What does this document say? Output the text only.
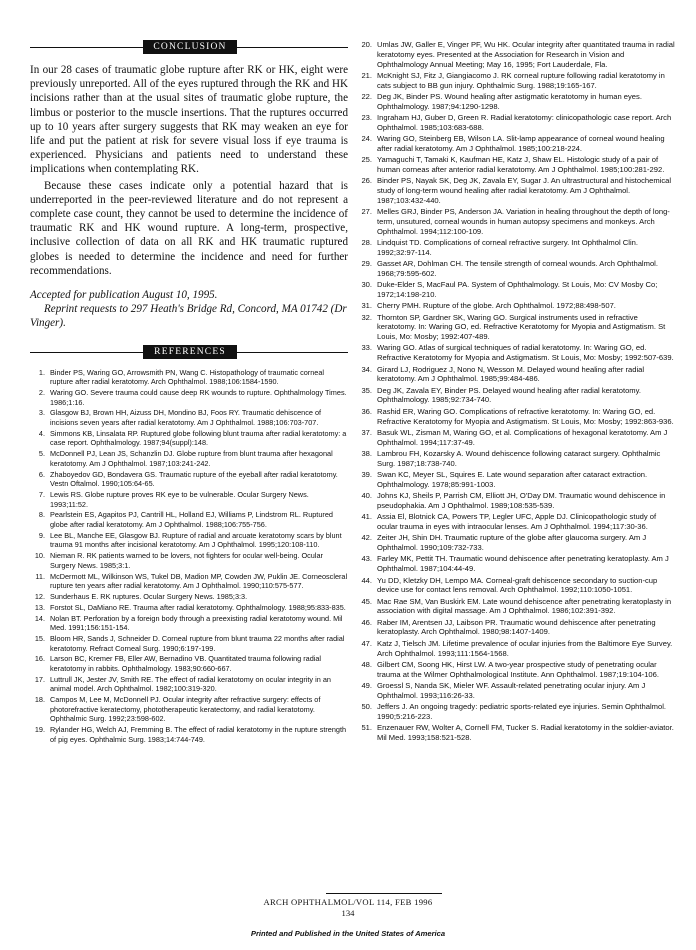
CONCLUSION

In our 28 cases of traumatic globe rupture after RK or HK, eight were previously unreported. All of the eyes ruptured through the RK and HK incisions rather than at the usual sites of traumatic globe rupture, the limbus or posterior to the muscle insertions. That the ruptures occurred up to 10 years after surgery suggests that RK may weaken an eye for life and put the patient at risk for severe visual loss if eye trauma is experienced. Physicians and patients need to understand these implications when contemplating RK.

Because these cases indicate only a potential hazard that is underreported in the peer-reviewed literature and do not represent a complete case count, they cannot be used to determine the incidence of traumatic RK and HK wound rupture. A long-term, prospective, inclusive collection of data on all RK and HK traumatic ruptured globes is needed to determine the incidence and need for further recommendations.

Accepted for publication August 10, 1995.

Reprint requests to 297 Heath's Bridge Rd, Concord, MA 01742 (Dr Vinger).

REFERENCES
1. Binder PS, Waring GO, Arrowsmith PN, Wang C. Histopathology of traumatic corneal rupture after radial keratotomy. Arch Ophthalmol. 1988;106:1584-1590.
2. Waring GO. Severe trauma could cause deep RK wounds to rupture. Ophthalmology Times. 1986;1:16.
3. Glasgow BJ, Brown HH, Aizuss DH, Mondino BJ, Foos RY. Traumatic dehiscence of incisions seven years after radial keratotomy. Am J Ophthalmol. 1988;106:703-707.
4. Simmons KB, Linsalata RP. Ruptured globe following blunt trauma after radial keratotomy: a case report. Ophthalmology. 1987;94(suppl):148.
5. McDonnell PJ, Lean JS, Schanzlin DJ. Globe rupture from blunt trauma after hexagonal keratotomy. Am J Ophthalmol. 1987;103:241-242.
6. Zhaboyedov GD, Bondavera GS. Traumatic rupture of the eyeball after radial keratotomy. Vestn Oftalmol. 1990;105:64-65.
7. Lewis RS. Globe rupture proves RK eye to be vulnerable. Ocular Surgery News. 1993;11:52.
8. Pearlstein ES, Agapitos PJ, Cantrill HL, Holland EJ, Williams P, Lindstrom RL. Ruptured globe after radial keratotomy. Am J Ophthalmol. 1988;106:755-756.
9. Lee BL, Manche EE, Glasgow BJ. Rupture of radial and arcuate keratotomy scars by blunt trauma 91 months after incisional keratotomy. Am J Ophthalmol. 1995;120:108-110.
10. Nieman R. RK patients warned to be lovers, not fighters for ocular well-being. Ocular Surgery News. 1985;3:1.
11. McDermott ML, Wilkinson WS, Tukel DB, Madion MP, Cowden JW, Puklin JE. Corneoscleral rupture ten years after radial keratotomy. Am J Ophthalmol. 1990;110:575-577.
12. Sunderhaus E. RK ruptures. Ocular Surgery News. 1985;3:3.
13. Forstot SL, DaMiano RE. Trauma after radial keratotomy. Ophthalmology. 1988;95:833-835.
14. Nolan BT. Perforation by a foreign body through a preexisting radial keratotomy wound. Mil Med. 1991;156:151-154.
15. Bloom HR, Sands J, Schneider D. Corneal rupture from blunt trauma 22 months after radial keratotomy. Refract Corneal Surg. 1990;6:197-199.
16. Larson BC, Kremer FB, Eller AW, Bernadino VB. Quantitated trauma following radial keratotomy in rabbits. Ophthalmology. 1983;90:660-667.
17. Luttrull JK, Jester JV, Smith RE. The effect of radial keratotomy on ocular integrity in an animal model. Arch Ophthalmol. 1982;100:319-320.
18. Campos M, Lee M, McDonnell PJ. Ocular integrity after refractive surgery: effects of photorefractive keratectomy, phototherapeutic keratectomy, and radial keratotomy. Ophthalmic Surg. 1992;23:598-602.
19. Rylander HG, Welch AJ, Fremming B. The effect of radial keratotomy in the rupture strength of pig eyes. Ophthalmic Surg. 1983;14:744-749.
20. Umlas JW, Galler E, Vinger PF, Wu HK. Ocular integrity after quantitated trauma in radial keratotomy eyes. Presented at the Association for Research in Vision and Ophthalmology Annual Meeting; May 16, 1995; Fort Lauderdale, Fla.
21. McKnight SJ, Fitz J, Giangiacomo J. RK corneal rupture following radial keratotomy in cats subject to BB gun injury. Ophthalmic Surg. 1988;19:165-167.
22. Deg JK, Binder PS. Wound healing after astigmatic keratotomy in human eyes. Ophthalmology. 1987;94:1290-1298.
23. Ingraham HJ, Guber D, Green R. Radial keratotomy: clinicopathologic case report. Arch Ophthalmol. 1985;103:683-688.
24. Waring GO, Steinberg EB, Wilson LA. Slit-lamp appearance of corneal wound healing after radial keratotomy. Am J Ophthalmol. 1985;100:218-224.
25. Yamaguchi T, Tamaki K, Kaufman HE, Katz J, Shaw EL. Histologic study of a pair of human corneas after anterior radial keratotomy. Am J Ophthalmol. 1985;100:281-292.
26. Binder PS, Nayak SK, Deg JK, Zavala EY, Sugar J. An ultrastructural and histochemical study of long-term wound healing after radial keratotomy. Am J Ophthalmol. 1987;103:432-440.
27. Melles GRJ, Binder PS, Anderson JA. Variation in healing throughout the depth of long-term, unsutured, corneal wounds in human autopsy specimens and monkeys. Arch Ophthalmol. 1994;112:100-109.
28. Lindquist TD. Complications of corneal refractive surgery. Int Ophthalmol Clin. 1992;32:97-114.
29. Gasset AR, Dohlman CH. The tensile strength of corneal wounds. Arch Ophthalmol. 1968;79:595-602.
30. Duke-Elder S, MacFaul PA. System of Ophthalmology. St Louis, Mo: CV Mosby Co; 1972;14:198-210.
31. Cherry PMH. Rupture of the globe. Arch Ophthalmol. 1972;88:498-507.
32. Thornton SP, Gardner SK, Waring GO. Surgical instruments used in refractive keratotomy. In: Waring GO, ed. Refractive Keratotomy for Myopia and Astigmatism. St Louis, Mo: Mosby; 1992:407-489.
33. Waring GO. Atlas of surgical techniques of radial keratotomy. In: Waring GO, ed. Refractive Keratotomy for Myopia and Astigmatism. St Louis, Mo: Mosby; 1992:507-639.
34. Girard LJ, Rodriguez J, Nono N, Wesson M. Delayed wound healing after radial keratotomy. Am J Ophthalmol. 1985;99:484-486.
35. Deg JK, Zavala EY, Binder PS. Delayed wound healing after radial keratotomy. Ophthalmology. 1985;92:734-740.
36. Rashid ER, Waring GO. Complications of refractive keratotomy. In: Waring GO, ed. Refractive Keratotomy for Myopia and Astigmatism. St Louis, Mo: Mosby; 1992:863-936.
37. Basuk WL, Zisman M, Waring GO, et al. Complications of hexagonal keratotomy. Am J Ophthalmol. 1994;117:37-49.
38. Lambrou FH, Kozarsky A. Wound dehiscence following cataract surgery. Ophthalmic Surg. 1987;18:738-740.
39. Swan KC, Meyer SL, Squires E. Late wound separation after cataract extraction. Ophthalmology. 1978;85:991-1003.
40. Johns KJ, Sheils P, Parrish CM, Elliott JH, O'Day DM. Traumatic wound dehiscence in pseudophakia. Am J Ophthalmol. 1989;108:535-539.
41. Assia El, Blotnick CA, Powers TP, Legler UFC, Apple DJ. Clinicopathologic study of ocular trauma in eyes with intraocular lenses. Am J Ophthalmol. 1994;117:30-36.
42. Zeiter JH, Shin DH. Traumatic rupture of the globe after glaucoma surgery. Am J Ophthalmol. 1990;109:732-733.
43. Farley MK, Pettit TH. Traumatic wound dehiscence after penetrating keratoplasty. Am J Ophthalmol. 1987;104:44-49.
44. Yu DD, Kletzky DH, Lempo MA. Corneal-graft dehiscence secondary to suction-cup device use for contact lens removal. Arch Ophthalmol. 1992;110:1050-1051.
45. Mac Rae SM, Van Buskirk EM. Late wound dehiscence after penetrating keratoplasty in association with digital massage. Am J Ophthalmol. 1986;102:391-392.
46. Raber IM, Arentsen JJ, Laibson PR. Traumatic wound dehiscence after penetrating keratoplasty. Arch Ophthalmol. 1980;98:1407-1409.
47. Katz J, Tielsch JM. Lifetime prevalence of ocular injuries from the Baltimore Eye Survey. Arch Ophthalmol. 1993;111:1564-1568.
48. Gilbert CM, Soong HK, Hirst LW. A two-year prospective study of penetrating ocular trauma at the Wilmer Ophthalmological Institute. Ann Ophthalmol. 1987;19:104-106.
49. Groessl S, Nanda SK, Mieler WF. Assault-related penetrating ocular injury. Am J Ophthalmol. 1993;116:26-33.
50. Jeffers J. An ongoing tragedy: pediatric sports-related eye injuries. Semin Ophthalmol. 1990;5:216-223.
51. Enzenauer RW, Wolter A, Cornell FM, Tucker S. Radial keratotomy in the soldier-aviator. Mil Med. 1993;158:521-528.
ARCH OPHTHALMOL/VOL 114, FEB 1996
134
Printed and Published in the United States of America
